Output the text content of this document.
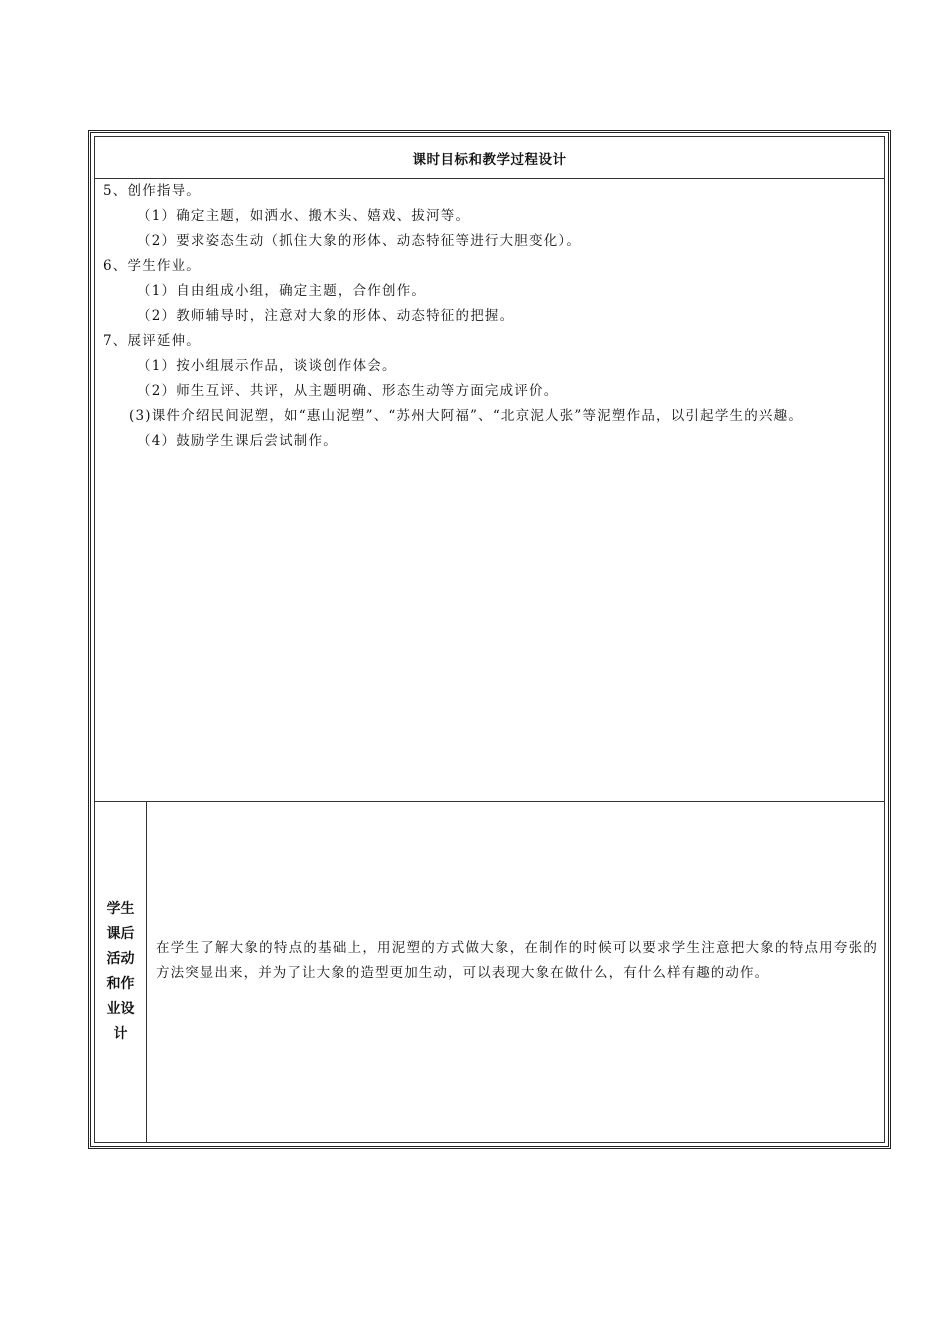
课时目标和教学过程设计

5、创作指导。

（1）确定主题，如洒水、搬木头、嬉戏、拔河等。

（2）要求姿态生动（抓住大象的形体、动态特征等进行大胆变化）。

6、学生作业。

（1）自由组成小组，确定主题，合作创作。

（2）教师辅导时，注意对大象的形体、动态特征的把握。

7、展评延伸。

（1）按小组展示作品，谈谈创作体会。

（2）师生互评、共评，从主题明确、形态生动等方面完成评价。

(3)课件介绍民间泥塑，如“惠山泥塑”、“苏州大阿福”、“北京泥人张”等泥塑作品，以引起学生的兴趣。

（4）鼓励学生课后尝试制作。

学生课后活动和作业设计
在学生了解大象的特点的基础上，用泥塑的方式做大象，在制作的时候可以要求学生注意把大象的特点用夸张的方法突显出来，并为了让大象的造型更加生动，可以表现大象在做什么，有什么样有趣的动作。
